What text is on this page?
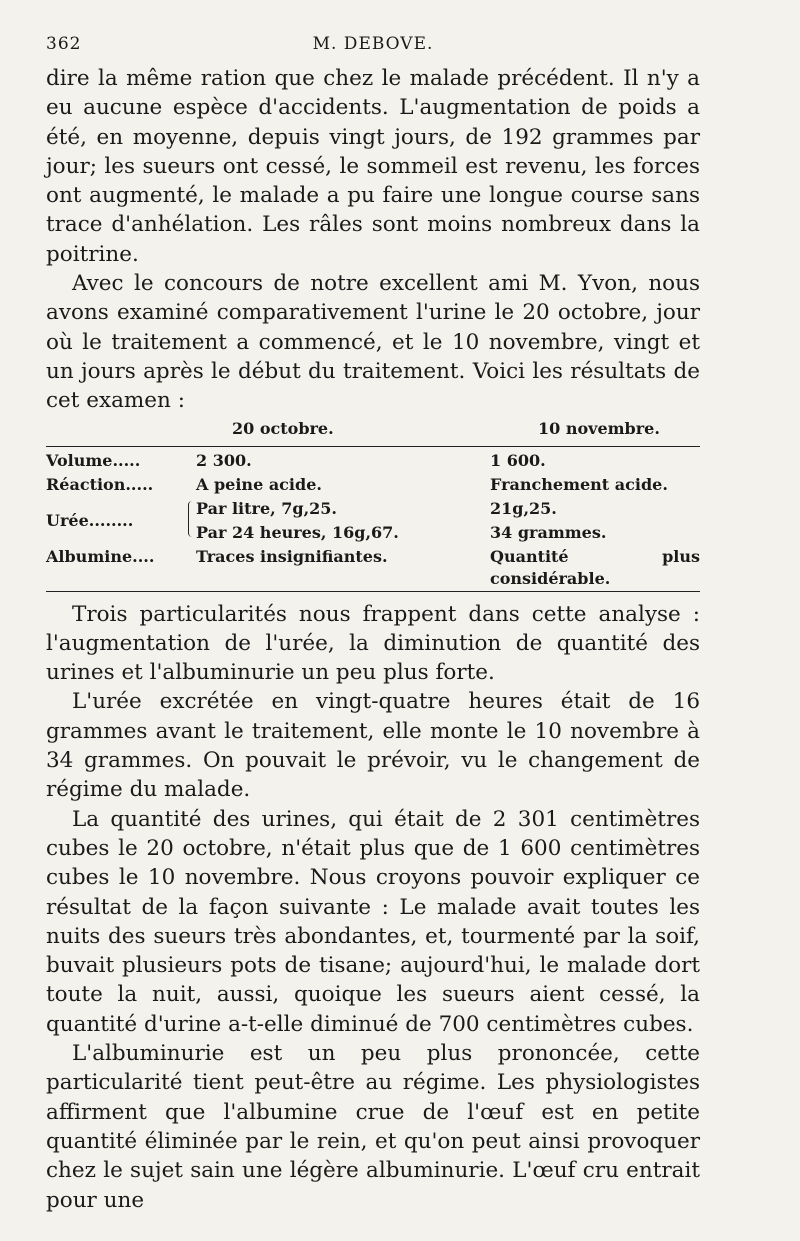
362	M. DEBOVE.

dire la même ration que chez le malade précédent. Il n'y a eu aucune espèce d'accidents. L'augmentation de poids a été, en moyenne, depuis vingt jours, de 192 grammes par jour; les sueurs ont cessé, le sommeil est revenu, les forces ont augmenté, le malade a pu faire une longue course sans trace d'anhélation. Les râles sont moins nombreux dans la poitrine.

Avec le concours de notre excellent ami M. Yvon, nous avons examiné comparativement l'urine le 20 octobre, jour où le traitement a commencé, et le 10 novembre, vingt et un jours après le début du traitement. Voici les résultats de cet examen :

	20 octobre.	10 novembre.

Volume.....	2 300.	1 600.
Réaction.....	A peine acide.	Franchement acide.
Urée........	Par litre, 7g,25.	21g,25.
	Par 24 heures, 16g,67.	34 grammes.
Albumine....	Traces insignifiantes.	Quantité plus considérable.

Trois particularités nous frappent dans cette analyse : l'augmentation de l'urée, la diminution de quantité des urines et l'albuminurie un peu plus forte.

L'urée excrétée en vingt-quatre heures était de 16 grammes avant le traitement, elle monte le 10 novembre à 34 grammes. On pouvait le prévoir, vu le changement de régime du malade.

La quantité des urines, qui était de 2 301 centimètres cubes le 20 octobre, n'était plus que de 1 600 centimètres cubes le 10 novembre. Nous croyons pouvoir expliquer ce résultat de la façon suivante : Le malade avait toutes les nuits des sueurs très abondantes, et, tourmenté par la soif, buvait plusieurs pots de tisane; aujourd'hui, le malade dort toute la nuit, aussi, quoique les sueurs aient cessé, la quantité d'urine a-t-elle diminué de 700 centimètres cubes.

L'albuminurie est un peu plus prononcée, cette particularité tient peut-être au régime. Les physiologistes affirment que l'albumine crue de l'œuf est en petite quantité éliminée par le rein, et qu'on peut ainsi provoquer chez le sujet sain une légère albuminurie. L'œuf cru entrait pour une
